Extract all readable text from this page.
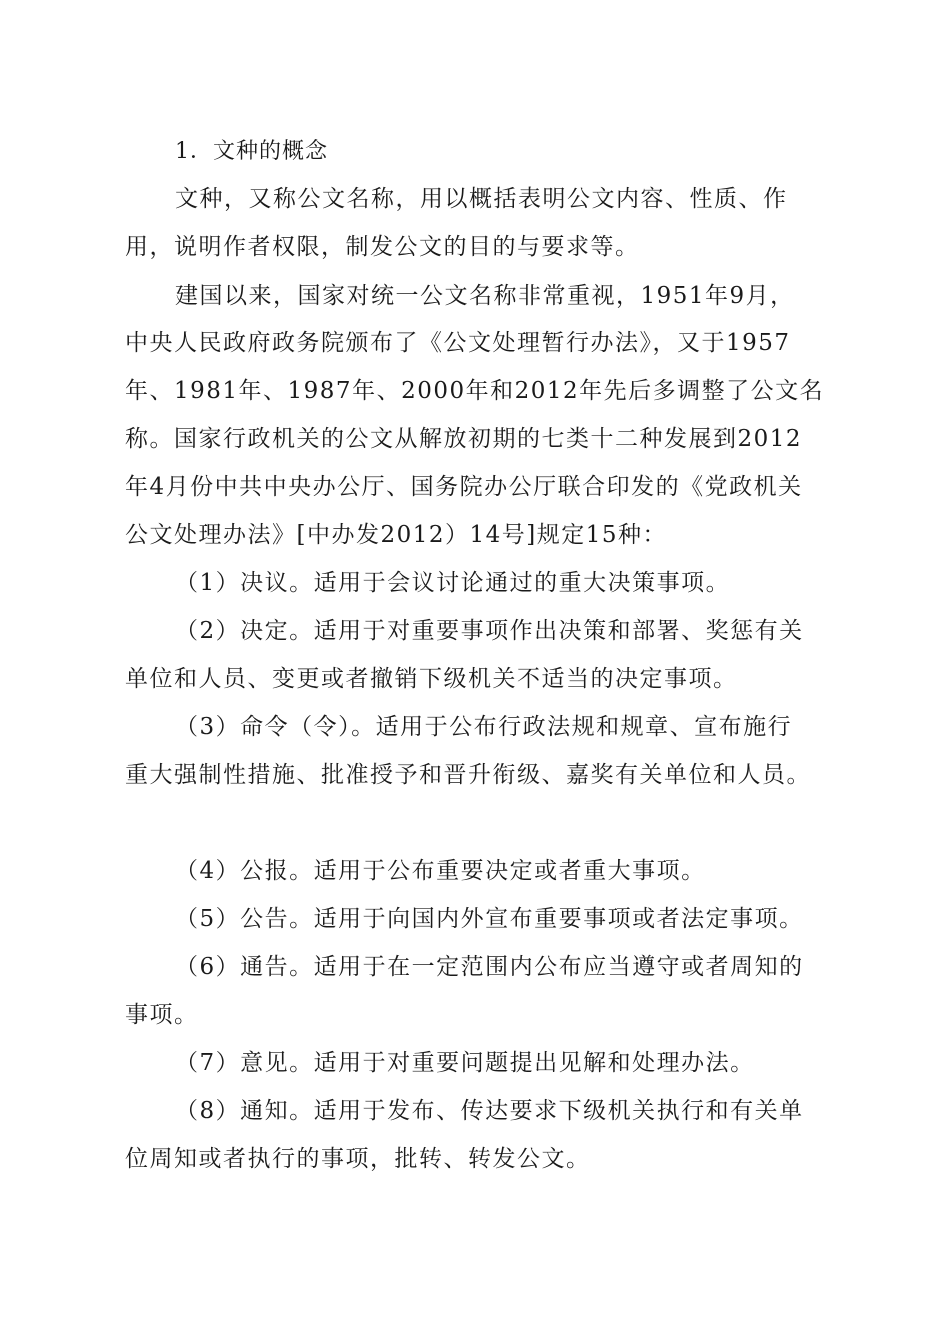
1．文种的概念
文种，又称公文名称，用以概括表明公文内容、性质、作
用，说明作者权限，制发公文的目的与要求等。
建国以来，国家对统一公文名称非常重视，1951年9月，
中央人民政府政务院颁布了《公文处理暂行办法》，又于1957
年、1981年、1987年、2000年和2012年先后多调整了公文名
称。国家行政机关的公文从解放初期的七类十二种发展到2012
年4月份中共中央办公厅、国务院办公厅联合印发的《党政机关
公文处理办法》[中办发2012）14号]规定15种：
（1）决议。适用于会议讨论通过的重大决策事项。
（2）决定。适用于对重要事项作出决策和部署、奖惩有关
单位和人员、变更或者撤销下级机关不适当的决定事项。
（3）命令（令）。适用于公布行政法规和规章、宣布施行
重大强制性措施、批准授予和晋升衔级、嘉奖有关单位和人员。
（4）公报。适用于公布重要决定或者重大事项。
（5）公告。适用于向国内外宣布重要事项或者法定事项。
（6）通告。适用于在一定范围内公布应当遵守或者周知的
事项。
（7）意见。适用于对重要问题提出见解和处理办法。
（8）通知。适用于发布、传达要求下级机关执行和有关单
位周知或者执行的事项，批转、转发公文。
